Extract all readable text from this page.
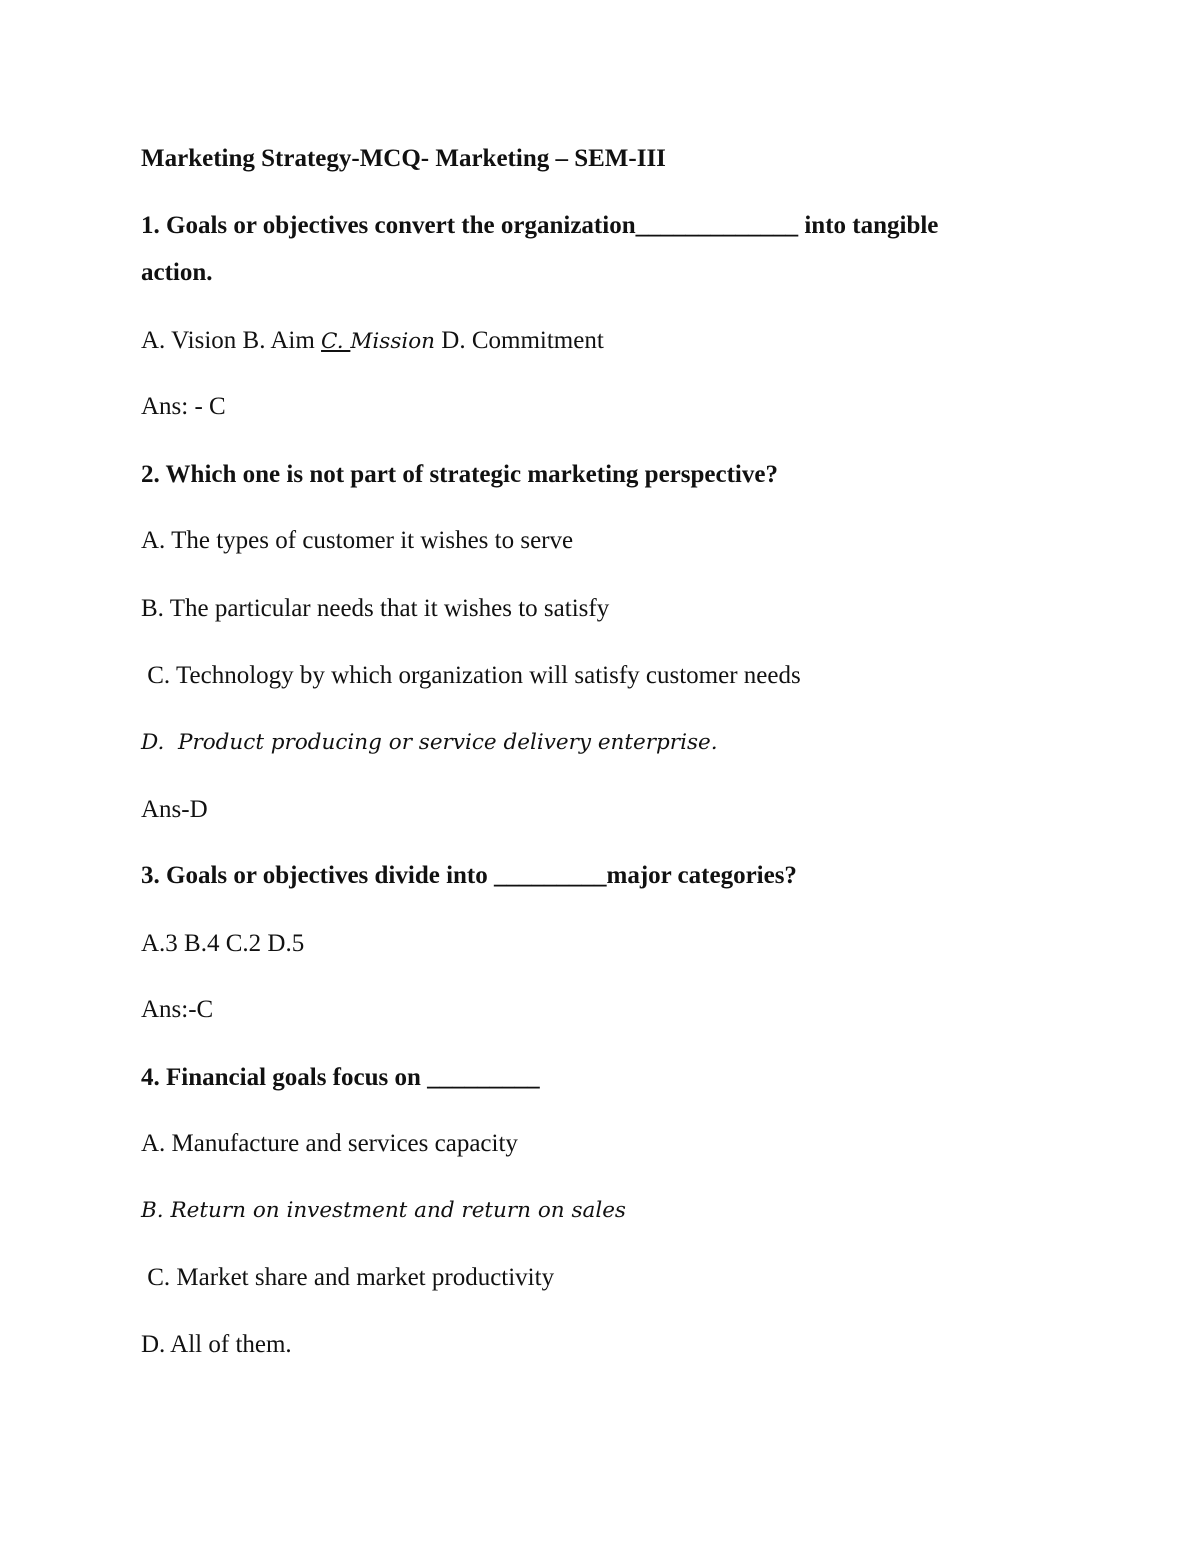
Marketing Strategy-MCQ- Marketing – SEM-III
1. Goals or objectives convert the organization_____________ into tangible
action.
A. Vision B. Aim C. Mission D. Commitment
Ans: - C
2. Which one is not part of strategic marketing perspective?
A. The types of customer it wishes to serve
B. The particular needs that it wishes to satisfy
C. Technology by which organization will satisfy customer needs
D.  Product producing or service delivery enterprise.
Ans-D
3. Goals or objectives divide into _________major categories?
A.3 B.4 C.2 D.5
Ans:-C
4. Financial goals focus on _________
A. Manufacture and services capacity
B. Return on investment and return on sales
C. Market share and market productivity
D. All of them.
